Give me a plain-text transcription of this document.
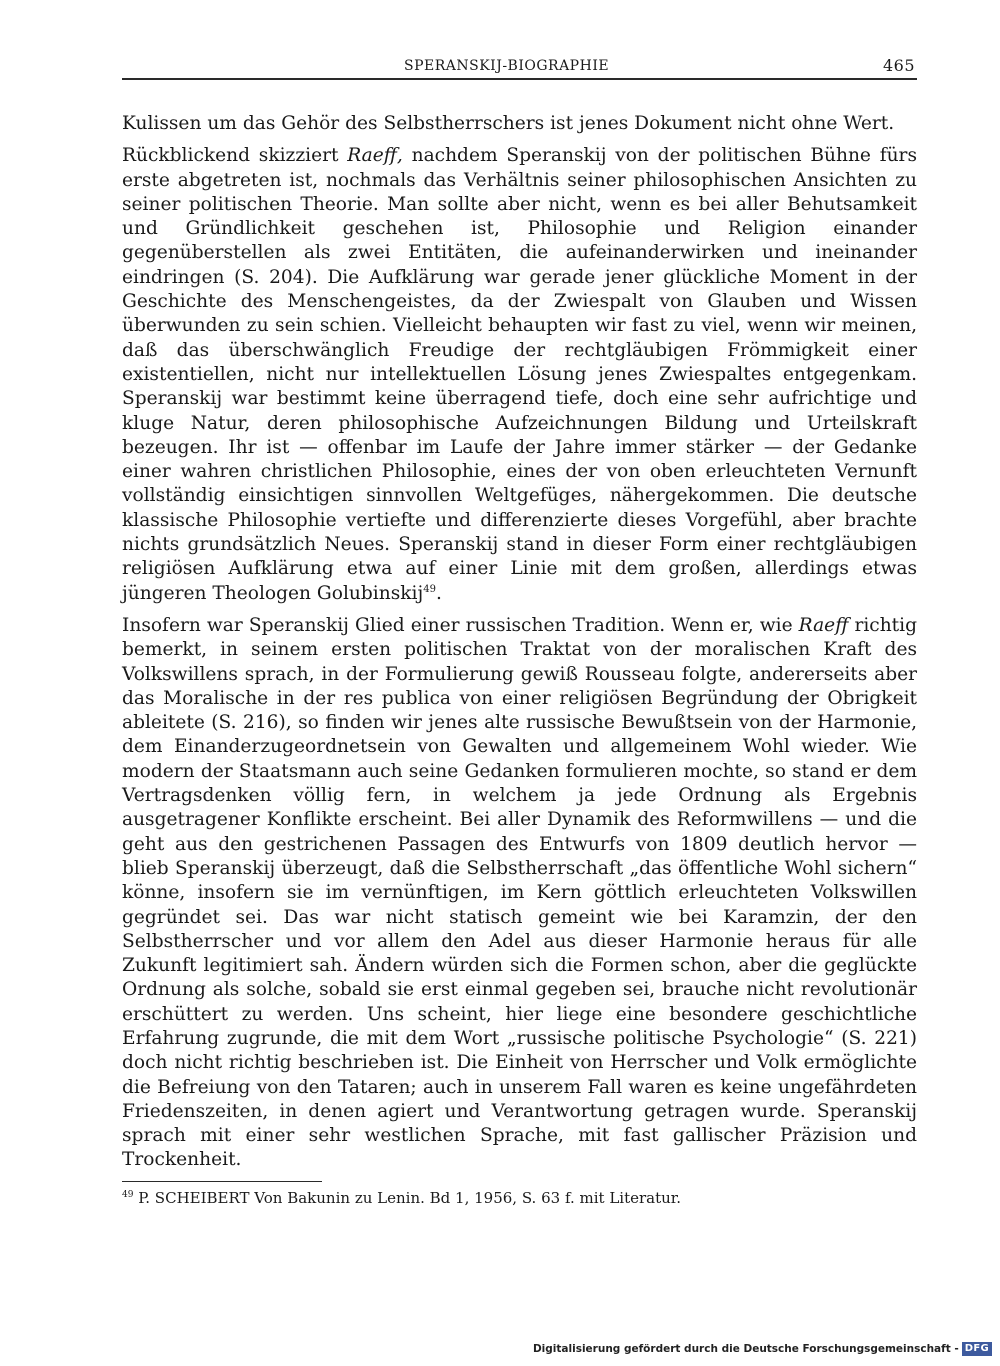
SPERANSKIJ-BIOGRAPHIE	465

Kulissen um das Gehör des Selbstherrschers ist jenes Dokument nicht ohne Wert.

Rückblickend skizziert Raeff, nachdem Speranskij von der politischen Bühne fürs erste abgetreten ist, nochmals das Verhältnis seiner philosophischen Ansichten zu seiner politischen Theorie. Man sollte aber nicht, wenn es bei aller Behutsamkeit und Gründlichkeit geschehen ist, Philosophie und Religion einander gegenüberstellen als zwei Entitäten, die aufeinanderwirken und ineinander eindringen (S. 204). Die Aufklärung war gerade jener glückliche Moment in der Geschichte des Menschengeistes, da der Zwiespalt von Glauben und Wissen überwunden zu sein schien. Vielleicht behaupten wir fast zu viel, wenn wir meinen, daß das überschwänglich Freudige der rechtgläubigen Frömmigkeit einer existentiellen, nicht nur intellektuellen Lösung jenes Zwiespaltes entgegenkam. Speranskij war bestimmt keine überragend tiefe, doch eine sehr aufrichtige und kluge Natur, deren philosophische Aufzeichnungen Bildung und Urteilskraft bezeugen. Ihr ist — offenbar im Laufe der Jahre immer stärker — der Gedanke einer wahren christlichen Philosophie, eines der von oben erleuchteten Vernunft vollständig einsichtigen sinnvollen Weltgefüges, nähergekommen. Die deutsche klassische Philosophie vertiefte und differenzierte dieses Vorgefühl, aber brachte nichts grundsätzlich Neues. Speranskij stand in dieser Form einer rechtgläubigen religiösen Aufklärung etwa auf einer Linie mit dem großen, allerdings etwas jüngeren Theologen Golubinskij$^{49}$.

Insofern war Speranskij Glied einer russischen Tradition. Wenn er, wie Raeff richtig bemerkt, in seinem ersten politischen Traktat von der moralischen Kraft des Volkswillens sprach, in der Formulierung gewiß Rousseau folgte, andererseits aber das Moralische in der res publica von einer religiösen Begründung der Obrigkeit ableitete (S. 216), so finden wir jenes alte russische Bewußtsein von der Harmonie, dem Einanderzugeordnetsein von Gewalten und allgemeinem Wohl wieder. Wie modern der Staatsmann auch seine Gedanken formulieren mochte, so stand er dem Vertragsdenken völlig fern, in welchem ja jede Ordnung als Ergebnis ausgetragener Konflikte erscheint. Bei aller Dynamik des Reformwillens — und die geht aus den gestrichenen Passagen des Entwurfs von 1809 deutlich hervor — blieb Speranskij überzeugt, daß die Selbstherrschaft „das öffentliche Wohl sichern“ könne, insofern sie im vernünftigen, im Kern göttlich erleuchteten Volkswillen gegründet sei. Das war nicht statisch gemeint wie bei Karamzin, der den Selbstherrscher und vor allem den Adel aus dieser Harmonie heraus für alle Zukunft legitimiert sah. Ändern würden sich die Formen schon, aber die geglückte Ordnung als solche, sobald sie erst einmal gegeben sei, brauche nicht revolutionär erschüttert zu werden. Uns scheint, hier liege eine besondere geschichtliche Erfahrung zugrunde, die mit dem Wort „russische politische Psychologie“ (S. 221) doch nicht richtig beschrieben ist. Die Einheit von Herrscher und Volk ermöglichte die Befreiung von den Tataren; auch in unserem Fall waren es keine ungefährdeten Friedenszeiten, in denen agiert und Verantwortung getragen wurde. Speranskij sprach mit einer sehr westlichen Sprache, mit fast gallischer Präzision und Trockenheit.

$^{49}$ P. SCHEIBERT Von Bakunin zu Lenin. Bd 1, 1956, S. 63 f. mit Literatur.
Digitalisierung gefördert durch die Deutsche Forschungsgemeinschaft - DFG
